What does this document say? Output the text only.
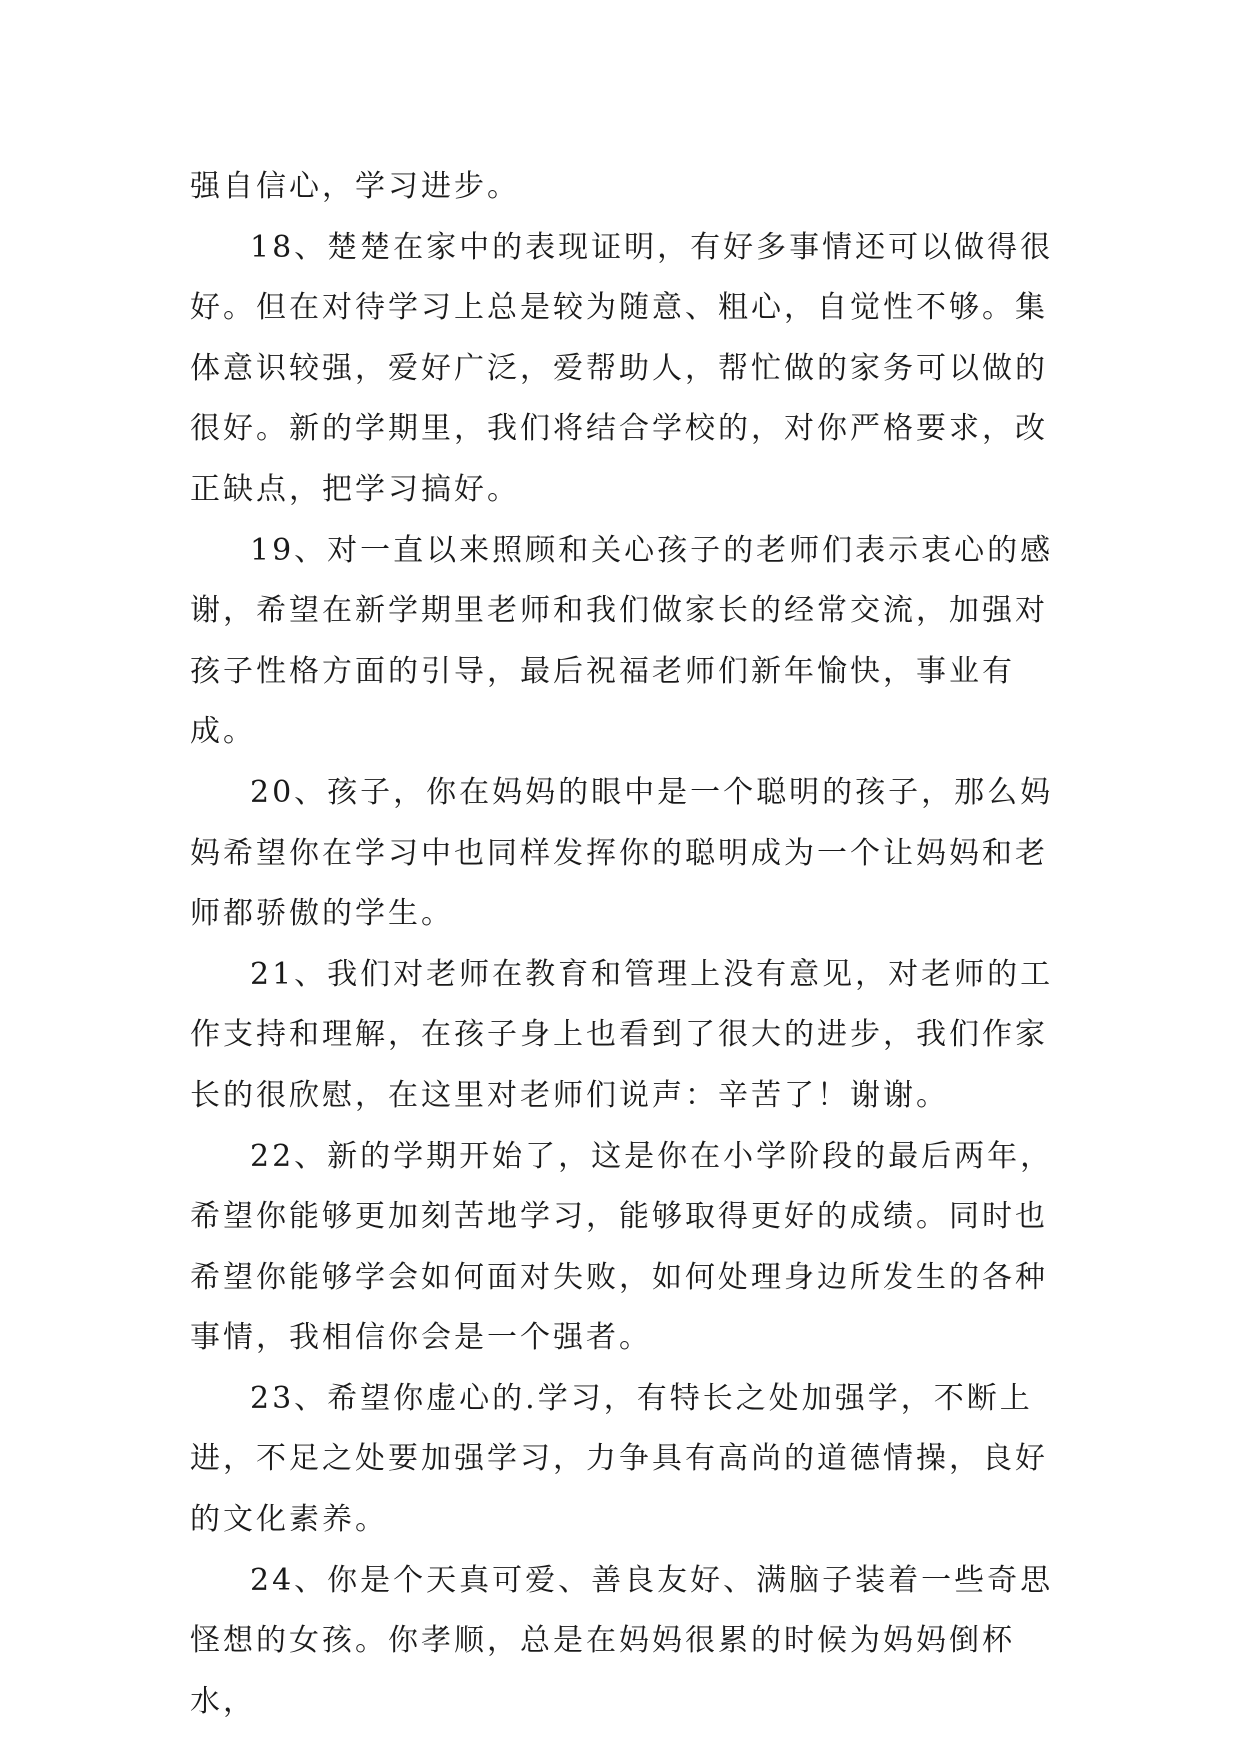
强自信心，学习进步。

18、楚楚在家中的表现证明，有好多事情还可以做得很好。但在对待学习上总是较为随意、粗心，自觉性不够。集体意识较强，爱好广泛，爱帮助人，帮忙做的家务可以做的很好。新的学期里，我们将结合学校的，对你严格要求，改正缺点，把学习搞好。

19、对一直以来照顾和关心孩子的老师们表示衷心的感谢，希望在新学期里老师和我们做家长的经常交流，加强对孩子性格方面的引导，最后祝福老师们新年愉快，事业有成。

20、孩子，你在妈妈的眼中是一个聪明的孩子，那么妈妈希望你在学习中也同样发挥你的聪明成为一个让妈妈和老师都骄傲的学生。

21、我们对老师在教育和管理上没有意见，对老师的工作支持和理解，在孩子身上也看到了很大的进步，我们作家长的很欣慰，在这里对老师们说声：辛苦了！谢谢。

22、新的学期开始了，这是你在小学阶段的最后两年，希望你能够更加刻苦地学习，能够取得更好的成绩。同时也希望你能够学会如何面对失败，如何处理身边所发生的各种事情，我相信你会是一个强者。

23、希望你虚心的.学习，有特长之处加强学，不断上进，不足之处要加强学习，力争具有高尚的道德情操，良好的文化素养。

24、你是个天真可爱、善良友好、满脑子装着一些奇思怪想的女孩。你孝顺，总是在妈妈很累的时候为妈妈倒杯水，
